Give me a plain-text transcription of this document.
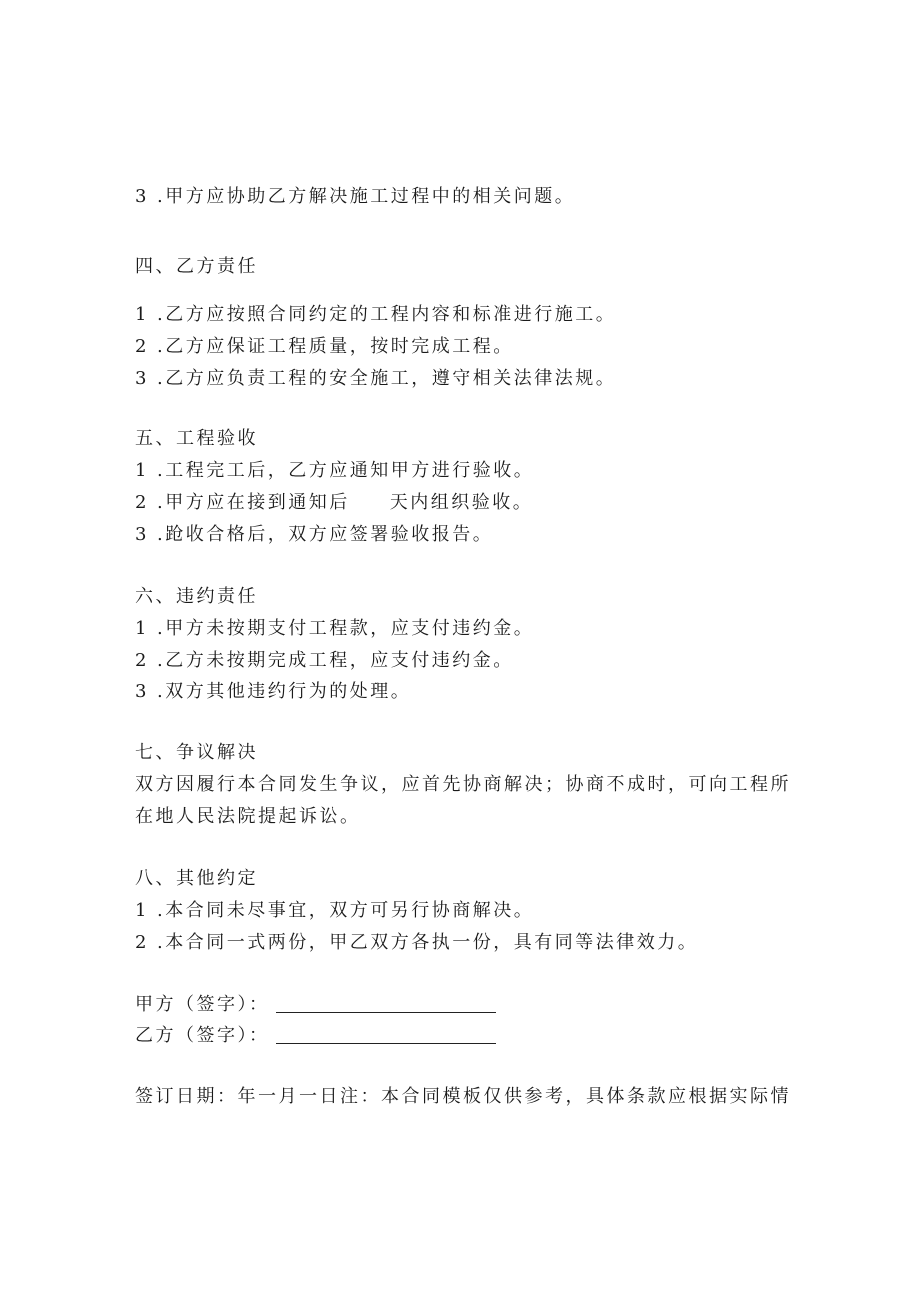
3 .甲方应协助乙方解决施工过程中的相关问题。
四、乙方责任
1 .乙方应按照合同约定的工程内容和标准进行施工。
2 .乙方应保证工程质量，按时完成工程。
3 .乙方应负责工程的安全施工，遵守相关法律法规。
五、工程验收
1 .工程完工后，乙方应通知甲方进行验收。
2 .甲方应在接到通知后 天内组织验收。
3 .跄收合格后，双方应签署验收报告。
六、违约责任
1 .甲方未按期支付工程款，应支付违约金。
2 .乙方未按期完成工程，应支付违约金。
3 .双方其他违约行为的处理。
七、争议解决
双方因履行本合同发生争议，应首先协商解决；协商不成时，可向工程所
在地人民法院提起诉讼。
八、其他约定
1 .本合同未尽事宜，双方可另行协商解决。
2 .本合同一式两份，甲乙双方各执一份，具有同等法律效力。
甲方（签字）：
乙方（签字）：
签订日期：年一月一日注：本合同模板仅供参考，具体条款应根据实际情
